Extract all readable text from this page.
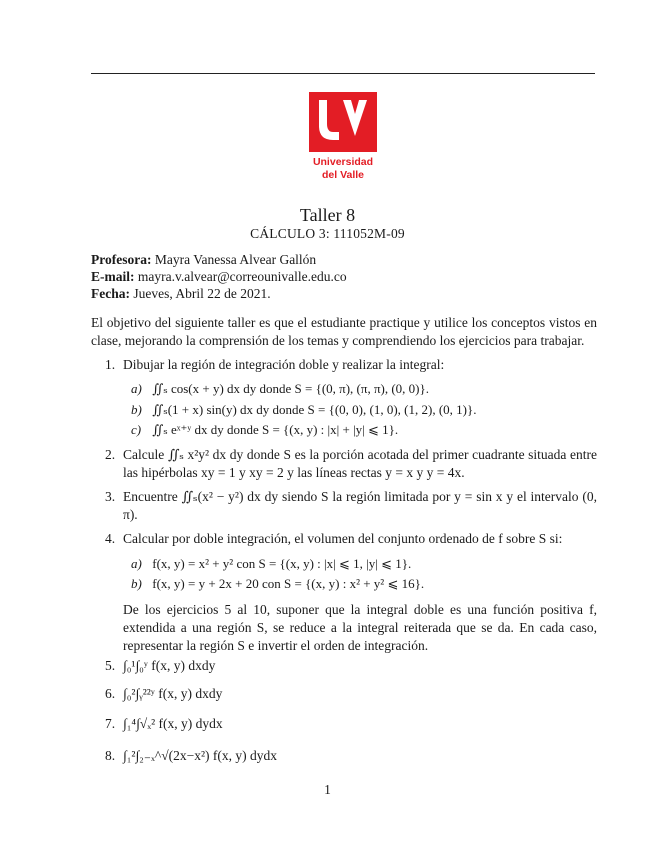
Universidad
del Valle
Taller 8
CÁLCULO 3: 111052M-09
Profesora: Mayra Vanessa Alvear Gallón
E-mail: mayra.v.alvear@correounivalle.edu.co
Fecha: Jueves, Abril 22 de 2021.
El objetivo del siguiente taller es que el estudiante practique y utilice los conceptos vistos en clase, mejorando la comprensión de los temas y comprendiendo los ejercicios para trabajar.
1. Dibujar la región de integración doble y realizar la integral:
a) ∬ₛ cos(x + y) dx dy donde S = {(0, π), (π, π), (0, 0)}.
b) ∬ₛ(1 + x) sin(y) dx dy donde S = {(0, 0), (1, 0), (1, 2), (0, 1)}.
c) ∬ₛ eˣ⁺ʸ dx dy donde S = {(x, y) : |x| + |y| ⩽ 1}.
2. Calcule ∬ₛ x²y² dx dy donde S es la porción acotada del primer cuadrante situada entre las hipérbolas xy = 1 y xy = 2 y las líneas rectas y = x y y = 4x.
3. Encuentre ∬ₛ(x² − y²) dx dy siendo S la región limitada por y = sin x y el intervalo (0, π).
4. Calcular por doble integración, el volumen del conjunto ordenado de f sobre S si:
a) f(x, y) = x² + y² con S = {(x, y) : |x| ⩽ 1, |y| ⩽ 1}.
b) f(x, y) = y + 2x + 20 con S = {(x, y) : x² + y² ⩽ 16}.
De los ejercicios 5 al 10, suponer que la integral doble es una función positiva f, extendida a una región S, se reduce a la integral reiterada que se da. En cada caso, representar la región S e invertir el orden de integración.
5. ∫₀¹∫₀ʸ f(x, y) dxdy
6. ∫₀²∫ᵧ²²ʸ f(x, y) dxdy
7. ∫₁⁴∫√ₓ² f(x, y) dydx
8. ∫₁²∫₂₋ₓ^√(2x−x²) f(x, y) dydx
1
